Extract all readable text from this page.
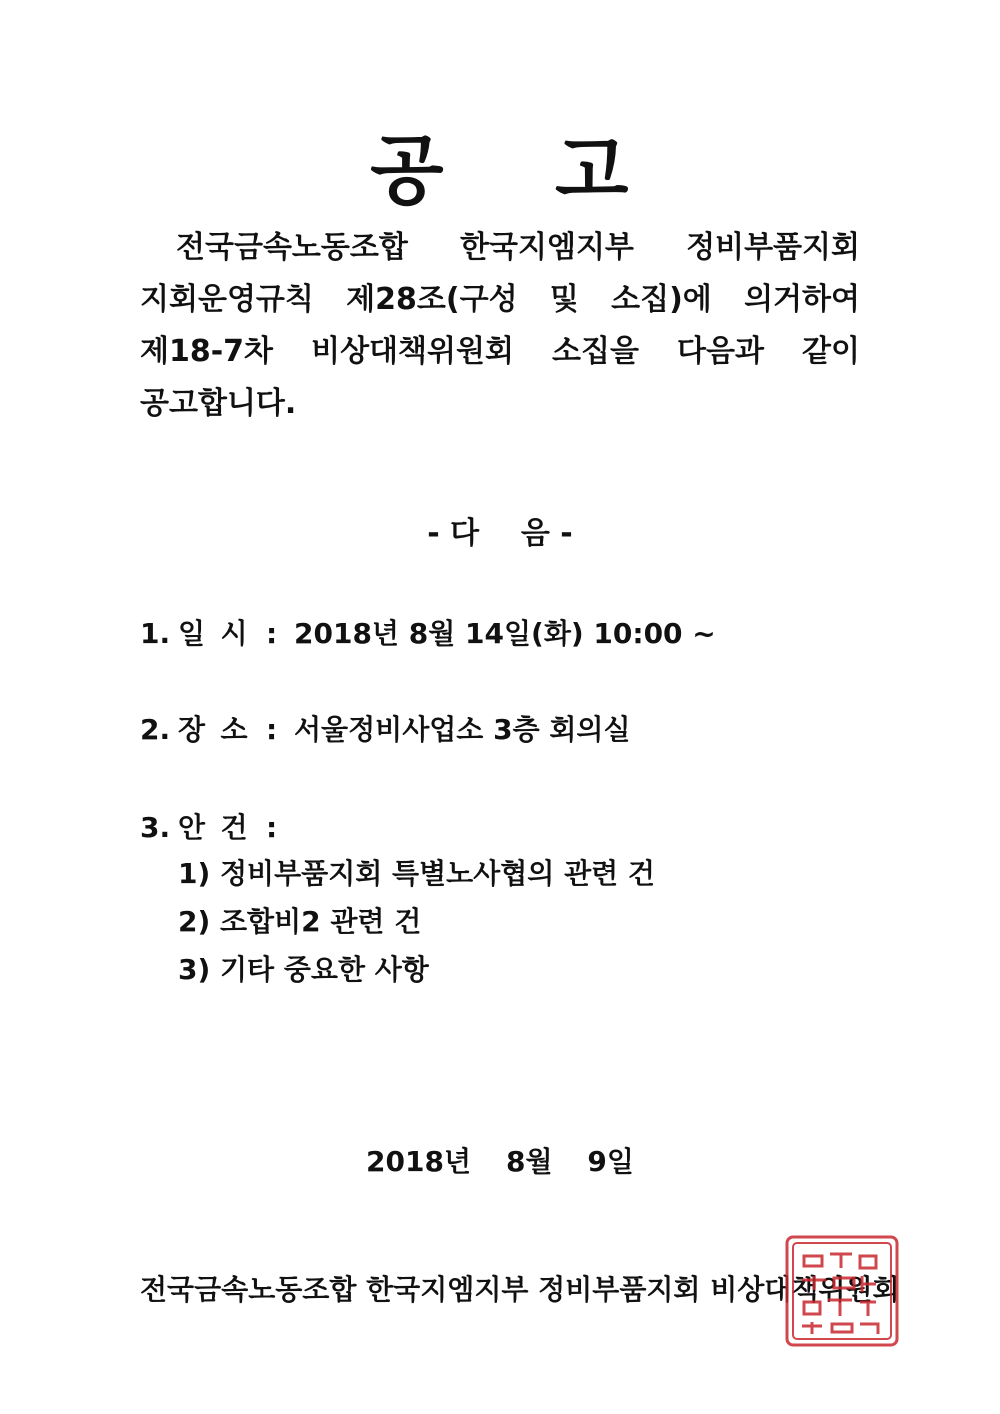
공 고
전국금속노동조합 한국지엠지부 정비부품지회
지회운영규칙 제28조(구성 및 소집)에 의거하여
제18-7차 비상대책위원회 소집을 다음과 같이
공고합니다.
- 다    음 -
1. 일시 : 2018년 8월 14일(화) 10:00 ~
2. 장소 : 서울정비사업소 3층 회의실
3. 안건 :
1) 정비부품지회 특별노사협의 관련 건
2) 조합비2 관련 건
3) 기타 중요한 사항
2018년 8월 9일
전국금속노동조합 한국지엠지부 정비부품지회 비상대책위원회
